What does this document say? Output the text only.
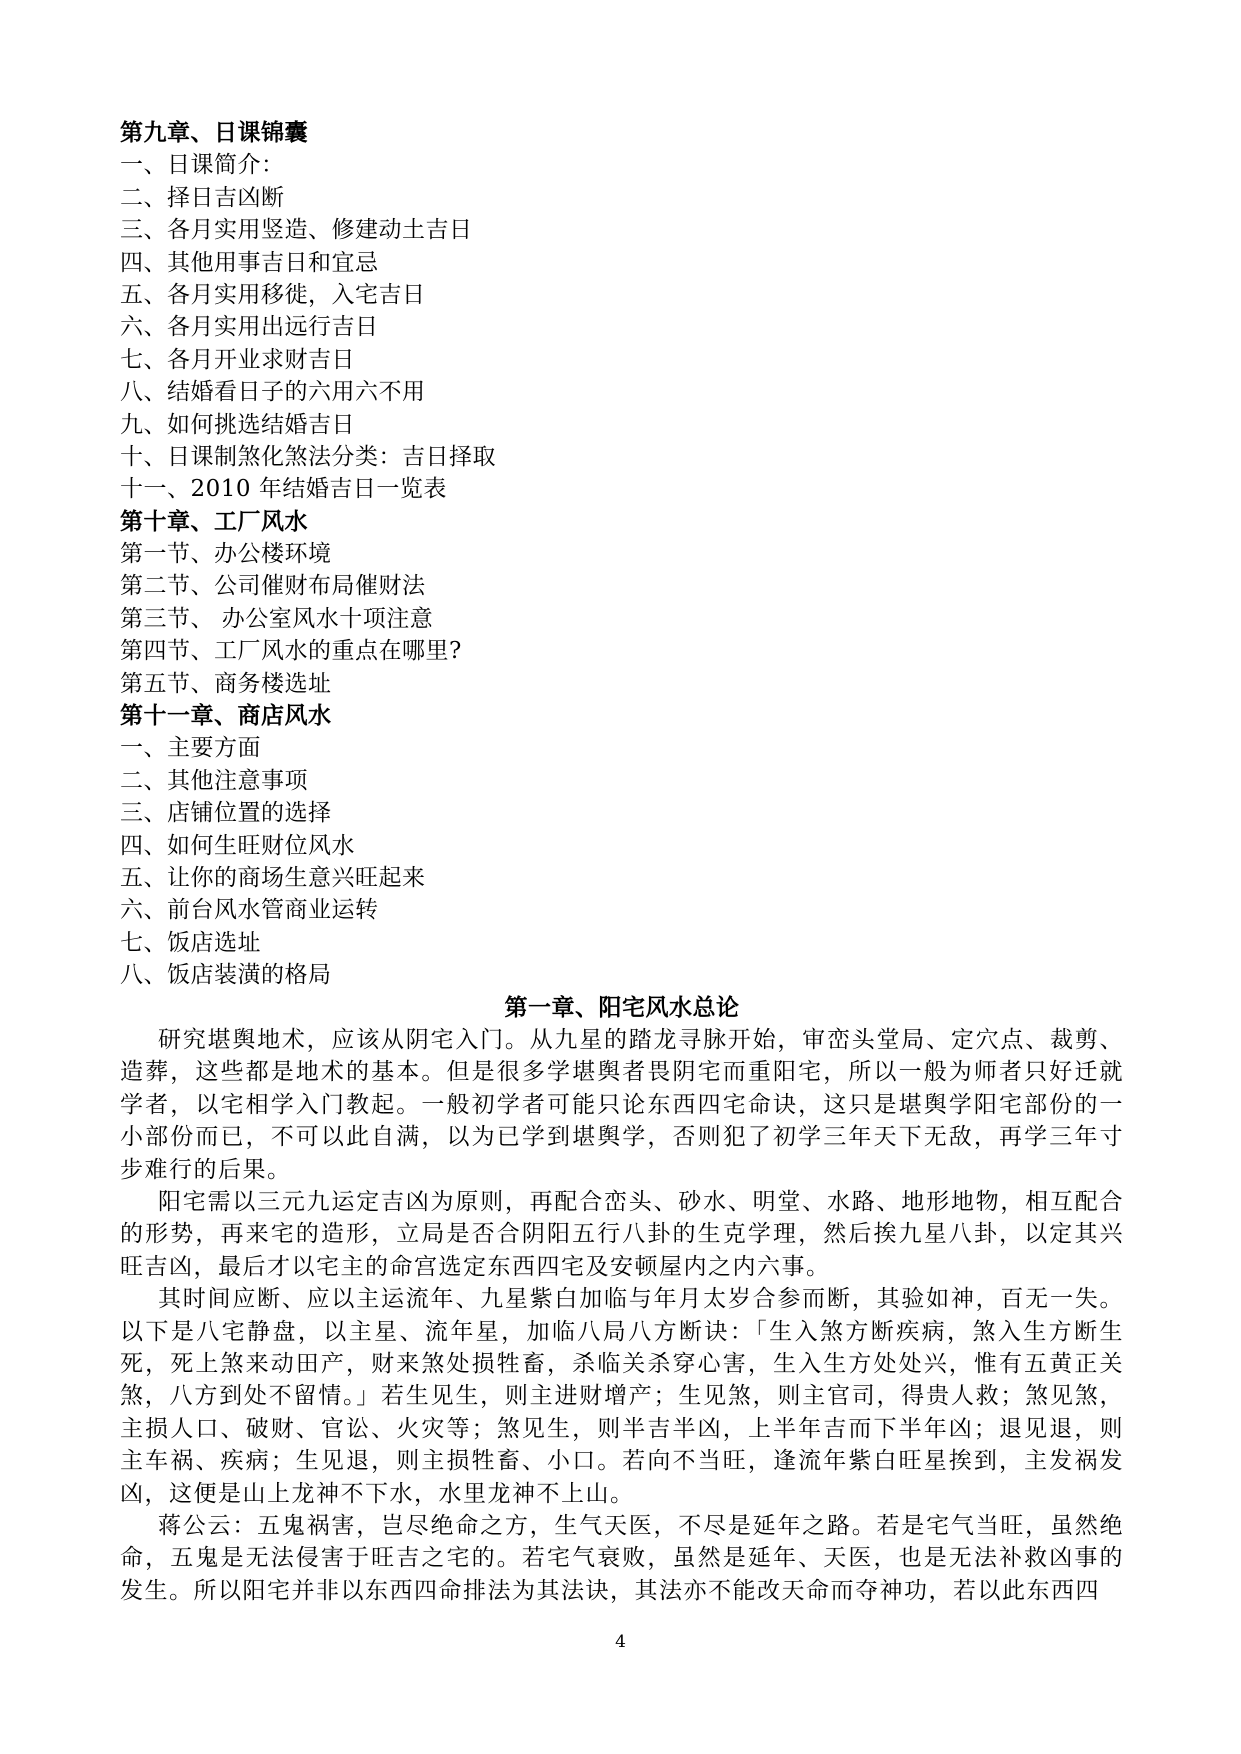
第九章、日课锦囊
一、日课简介：
二、择日吉凶断
三、各月实用竖造、修建动土吉日
四、其他用事吉日和宜忌
五、各月实用移徙，入宅吉日
六、各月实用出远行吉日
七、各月开业求财吉日
八、结婚看日子的六用六不用
九、如何挑选结婚吉日
十、日课制煞化煞法分类：吉日择取
十一、2010 年结婚吉日一览表
第十章、工厂风水
第一节、办公楼环境
第二节、公司催财布局催财法
第三节、 办公室风水十项注意
第四节、工厂风水的重点在哪里?
第五节、商务楼选址
第十一章、商店风水
一、主要方面
二、其他注意事项
三、店铺位置的选择
四、如何生旺财位风水
五、让你的商场生意兴旺起来
六、前台风水管商业运转
七、饭店选址
八、饭店装潢的格局
第一章、阳宅风水总论

研究堪舆地术，应该从阴宅入门。从九星的踏龙寻脉开始，审峦头堂局、定穴点、裁剪、造葬，这些都是地术的基本。但是很多学堪舆者畏阴宅而重阳宅，所以一般为师者只好迁就学者，以宅相学入门教起。一般初学者可能只论东西四宅命诀，这只是堪舆学阳宅部份的一小部份而已，不可以此自满，以为已学到堪舆学，否则犯了初学三年天下无敌，再学三年寸步难行的后果。

阳宅需以三元九运定吉凶为原则，再配合峦头、砂水、明堂、水路、地形地物，相互配合的形势，再来宅的造形，立局是否合阴阳五行八卦的生克学理，然后挨九星八卦，以定其兴旺吉凶，最后才以宅主的命宫选定东西四宅及安顿屋内之内六事。

其时间应断、应以主运流年、九星紫白加临与年月太岁合参而断，其验如神，百无一失。以下是八宅静盘，以主星、流年星，加临八局八方断诀：「生入煞方断疾病，煞入生方断生死，死上煞来动田产，财来煞处损牲畜，杀临关杀穿心害，生入生方处处兴，惟有五黄正关煞，八方到处不留情。」若生见生，则主进财增产；生见煞，则主官司，得贵人救；煞见煞，主损人口、破财、官讼、火灾等；煞见生，则半吉半凶，上半年吉而下半年凶；退见退，则主车祸、疾病；生见退，则主损牲畜、小口。若向不当旺，逢流年紫白旺星挨到，主发祸发凶，这便是山上龙神不下水，水里龙神不上山。

蒋公云：五鬼祸害，岂尽绝命之方，生气天医，不尽是延年之路。若是宅气当旺，虽然绝命，五鬼是无法侵害于旺吉之宅的。若宅气衰败，虽然是延年、天医，也是无法补救凶事的发生。所以阳宅并非以东西四命排法为其法诀，其法亦不能改天命而夺神功，若以此东西四

4
